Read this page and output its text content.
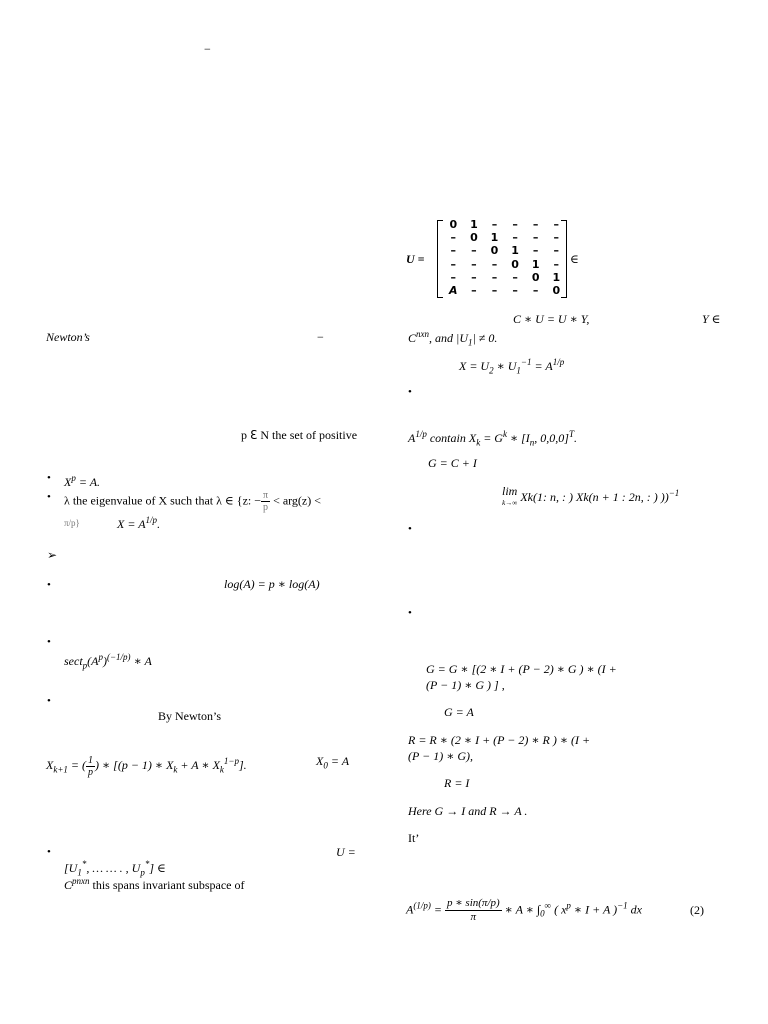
−
Newton’s	−
p ℇ N the set of positive
• $X^p = A$.
• λ the eigenvalue of X such that λ ∈ {z: − $\frac{\pi}{p} < arg(z)$ <
π/p}	$X = A^{1/p}$.
➢
•	log(A) = p ∗ log(A)
•
$\sec t_p(A^p)^{(-1/p)}$ ∗ A
•
By Newton’s
$X_{k+1}$ = ( $\frac{1}{p}$ ) ∗ [(p − 1) ∗ $X_k + A$ ∗ $X_k^{1-p}$].	$X_0 = A$
•	U =
[$U_1^*$, … … . , $U_p^*$] ∈
$C^{pnxn}$ this spans invariant subspace of
U =
0	1	–	–	–	–
–	0	1	–	–	–
–	–	0	1	–	–
–	–	–	0	1	–
–	–	–	–	0	1
A	–	–	–	–	0
∈
C ∗ U = U ∗ Y,	Y ∈
$C^{nxn}$, and $|U_1| \ne 0$.
$X = U_2$ ∗ $U_1^{-1} = A^{1/p}$
•
$A^{1/p}$ contain $X_k = G^k$ ∗ [$I_n$, 0,0,0]$^T$.
G = C + I
lim
k→∞ Xk(1: n, : ) Xk(n + 1 : 2n, : ) ))$^{-1}$
•
•
G = G ∗ [(2 ∗ I + (P − 2) ∗ G ) ∗ (I +
(P − 1) ∗ G ) ] ,
G = A
R = R ∗ (2 ∗ I + (P − 2) ∗ R ) ∗ (I +
(P − 1) ∗ G),
R = I
Here G → I and R → A .
It’
$A^{(1/p)} = \frac{p ∗ \sin(\pi/p)}{\pi}$ ∗ A ∗ $\int_0^\infty$ ( $x^p$ ∗ I + A )$^{-1}$ dx	(2)
